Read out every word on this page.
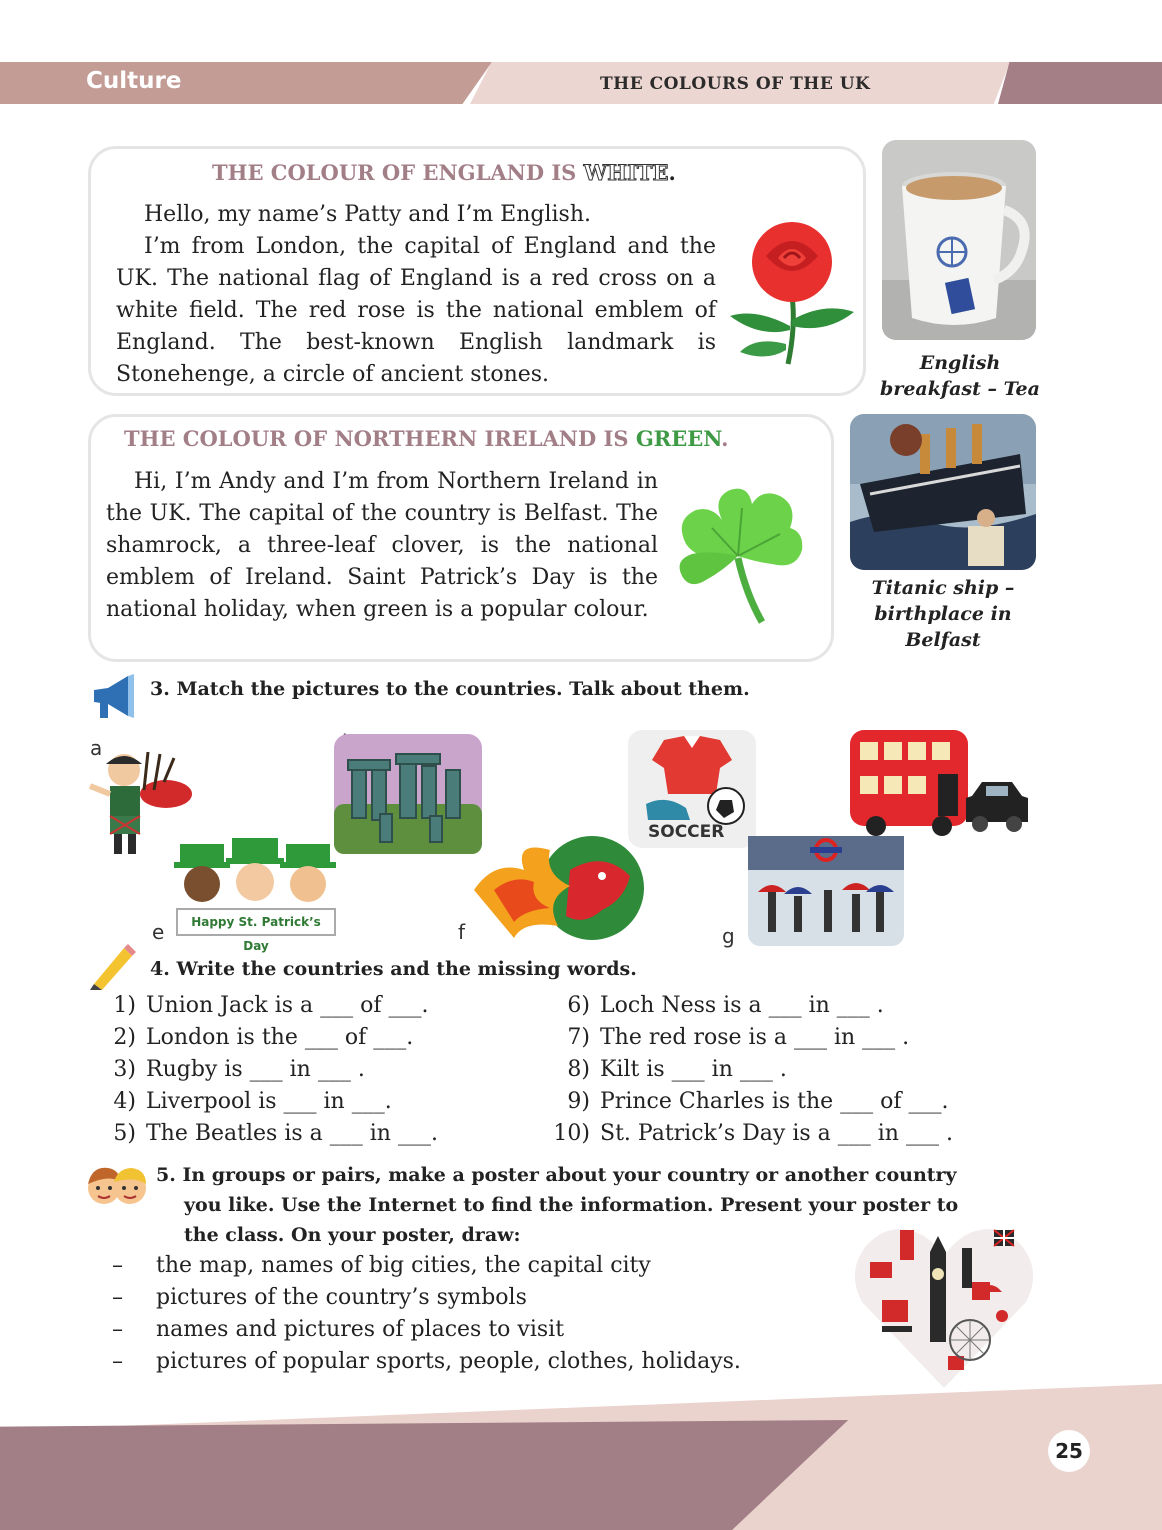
Culture	THE COLOURS OF THE UK
THE COLOUR OF ENGLAND IS WHITE.

Hello, my name’s Patty and I’m English.

I’m from London, the capital of England and the UK. The national flag of England is a red cross on a white field. The red rose is the national emblem of England. The best-known English landmark is Stonehenge, a circle of ancient stones.	English breakfast – Tea
THE COLOUR OF NORTHERN IRELAND IS GREEN.

Hi, I’m Andy and I’m from Northern Ireland in the UK. The capital of the country is Belfast. The shamrock, a three-leaf clover, is the national emblem of Ireland. Saint Patrick’s Day is the national holiday, when green is a popular colour.

Titanic ship – birthplace in Belfast
3. Match the pictures to the countries. Talk about them.
a
SOCCER
e	Happy St. Patrick’s Day
f	g
4. Write the countries and the missing words.
1) Union Jack is a ___ of ___.
2) London is the ___ of ___.
3) Rugby is ___ in ___ .
4) Liverpool is ___ in ___.
5) The Beatles is a ___ in ___.
6) Loch Ness is a ___ in ___ .
7) The red rose is a ___ in ___ .
8) Kilt is ___ in ___ .
9) Prince Charles is the ___ of ___.
10) St. Patrick’s Day is a ___ in ___ .
5. In groups or pairs, make a poster about your country or another country
you like. Use the Internet to find the information. Present your poster to
the class. On your poster, draw:
–	the map, names of big cities, the capital city
–	pictures of the country’s symbols
–	names and pictures of places to visit
–	pictures of popular sports, people, clothes, holidays.
25
